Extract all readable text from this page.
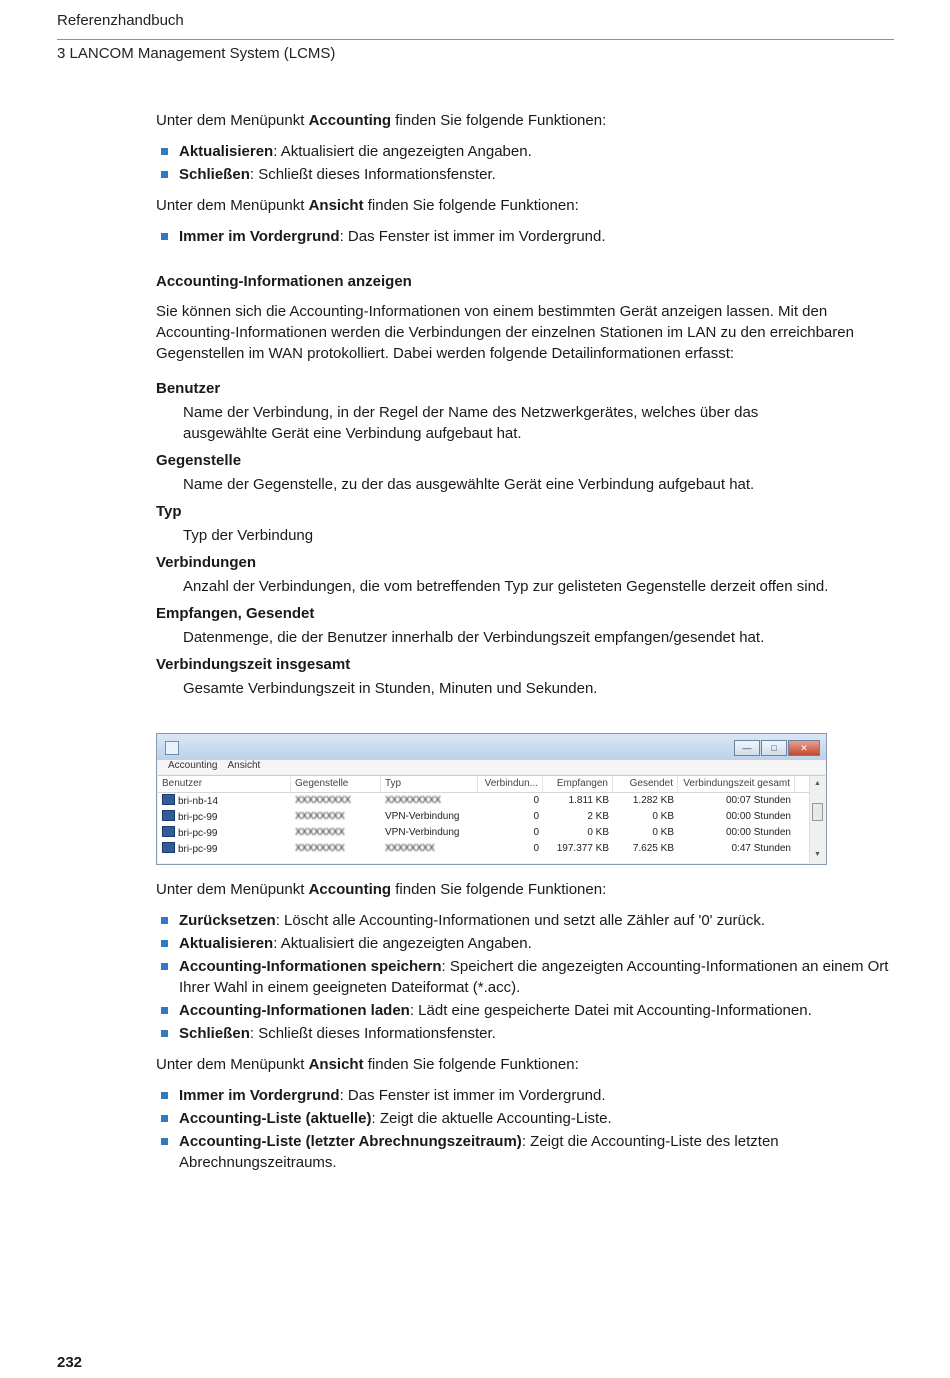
Referenzhandbuch
3 LANCOM Management System (LCMS)

Unter dem Menüpunkt Accounting finden Sie folgende Funktionen:

Aktualisieren: Aktualisiert die angezeigten Angaben.
Schließen: Schließt dieses Informationsfenster.

Unter dem Menüpunkt Ansicht finden Sie folgende Funktionen:

Immer im Vordergrund: Das Fenster ist immer im Vordergrund.

Accounting-Informationen anzeigen

Sie können sich die Accounting-Informationen von einem bestimmten Gerät anzeigen lassen. Mit den Accounting-Informationen werden die Verbindungen der einzelnen Stationen im LAN zu den erreichbaren Gegenstellen im WAN protokolliert. Dabei werden folgende Detailinformationen erfasst:

Benutzer
Name der Verbindung, in der Regel der Name des Netzwerkgerätes, welches über das ausgewählte Gerät eine Verbindung aufgebaut hat.
Gegenstelle
Name der Gegenstelle, zu der das ausgewählte Gerät eine Verbindung aufgebaut hat.
Typ
Typ der Verbindung
Verbindungen
Anzahl der Verbindungen, die vom betreffenden Typ zur gelisteten Gegenstelle derzeit offen sind.
Empfangen, Gesendet
Datenmenge, die der Benutzer innerhalb der Verbindungszeit empfangen/gesendet hat.
Verbindungszeit insgesamt
Gesamte Verbindungszeit in Stunden, Minuten und Sekunden.
—	□	✕
Accounting Ansicht
Benutzer	Gegenstelle	Typ	Verbindun...	Empfangen	Gesendet	Verbindungszeit gesamt
bri-nb-14	XXXXXXXXX	XXXXXXXXX	0	1.811 KB	1.282 KB	00:07 Stunden
bri-pc-99	XXXXXXXX	VPN-Verbindung	0	2 KB	0 KB	00:00 Stunden
bri-pc-99	XXXXXXXX	VPN-Verbindung	0	0 KB	0 KB	00:00 Stunden
bri-pc-99	XXXXXXXX	XXXXXXXX	0	197.377 KB	7.625 KB	0:47 Stunden
▲
▼

Unter dem Menüpunkt Accounting finden Sie folgende Funktionen:

Zurücksetzen: Löscht alle Accounting-Informationen und setzt alle Zähler auf '0' zurück.
Aktualisieren: Aktualisiert die angezeigten Angaben.
Accounting-Informationen speichern: Speichert die angezeigten Accounting-Informationen an einem Ort Ihrer Wahl in einem geeigneten Dateiformat (*.acc).
Accounting-Informationen laden: Lädt eine gespeicherte Datei mit Accounting-Informationen.
Schließen: Schließt dieses Informationsfenster.

Unter dem Menüpunkt Ansicht finden Sie folgende Funktionen:

Immer im Vordergrund: Das Fenster ist immer im Vordergrund.
Accounting-Liste (aktuelle): Zeigt die aktuelle Accounting-Liste.
Accounting-Liste (letzter Abrechnungszeitraum): Zeigt die Accounting-Liste des letzten Abrechnungszeitraums.
232
